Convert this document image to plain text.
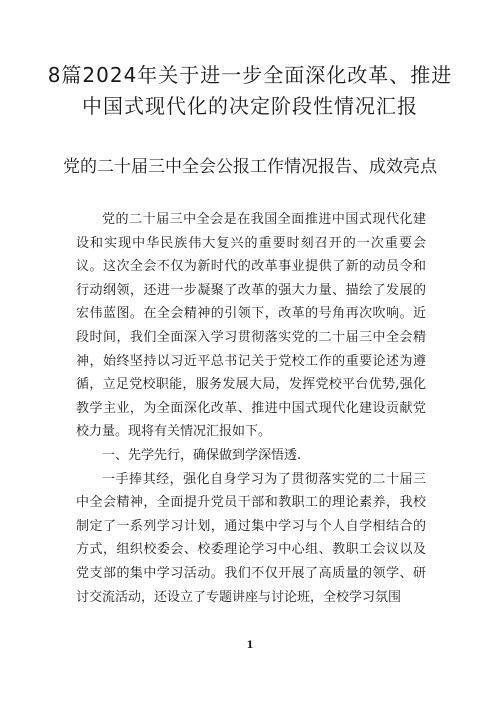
8篇2024年关于进一步全面深化改革、推进中国式现代化的决定阶段性情况汇报
党的二十届三中全会公报工作情况报告、成效亮点

党的二十届三中全会是在我国全面推进中国式现代化建设和实现中华民族伟大复兴的重要时刻召开的一次重要会议。这次全会不仅为新时代的改革事业提供了新的动员令和行动纲领，还进一步凝聚了改革的强大力量、描绘了发展的宏伟蓝图。在全会精神的引领下，改革的号角再次吹响。近段时间，我们全面深入学习贯彻落实党的二十届三中全会精神，始终坚持以习近平总书记关于党校工作的重要论述为遵循，立足党校职能，服务发展大局，发挥党校平台优势,强化教学主业，为全面深化改革、推进中国式现代化建设贡献党校力量。现将有关情况汇报如下。

一、先学先行，确保做到学深悟透.

一手捧其经，强化自身学习为了贯彻落实党的二十届三中全会精神，全面提升党员干部和教职工的理论素养，我校制定了一系列学习计划，通过集中学习与个人自学相结合的方式，组织校委会、校委理论学习中心组、教职工会议以及党支部的集中学习活动。我们不仅开展了高质量的领学、研讨交流活动，还设立了专题讲座与讨论班，全校学习氛围

1
